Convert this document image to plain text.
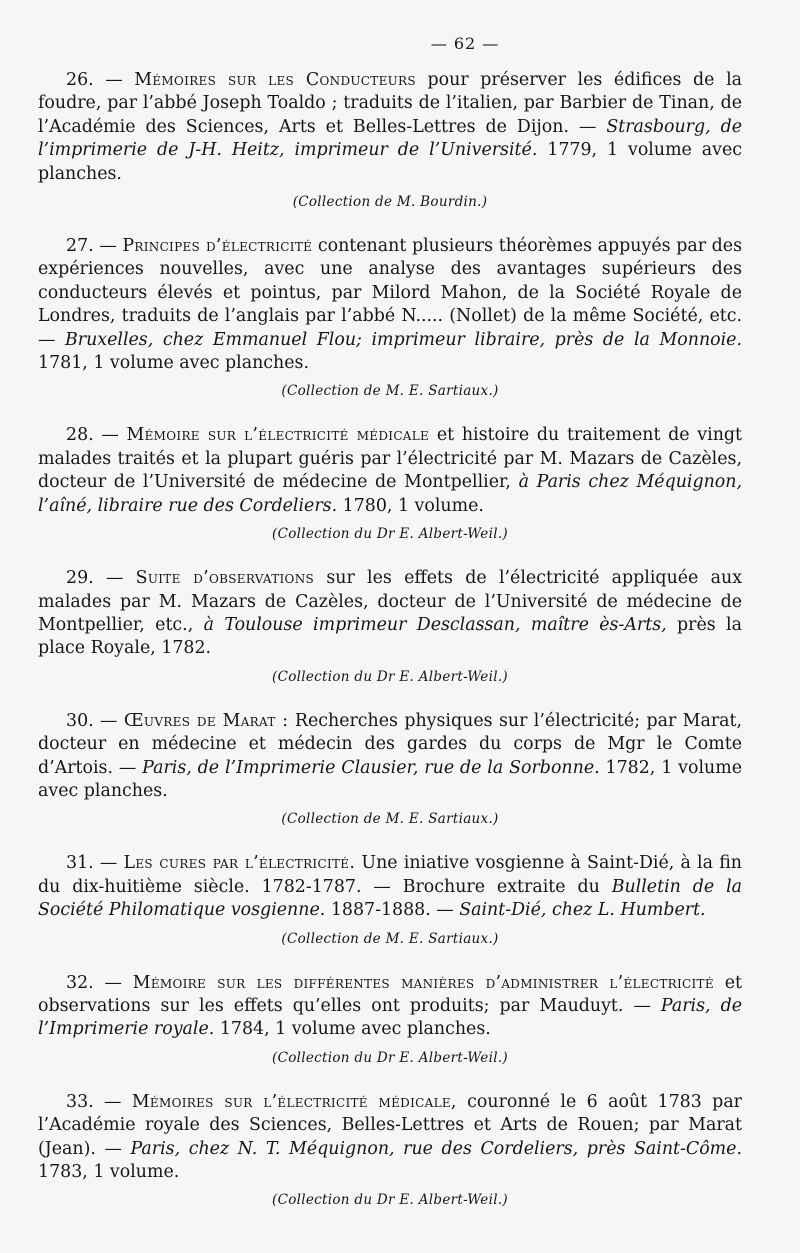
— 62 —

26. — Mémoires sur les Conducteurs pour préserver les édifices de la foudre, par l’abbé Joseph Toaldo ; traduits de l’italien, par Barbier de Tinan, de l’Académie des Sciences, Arts et Belles-Lettres de Dijon. — Strasbourg, de l’imprimerie de J-H. Heitz, imprimeur de l’Université. 1779, 1 volume avec planches.

(Collection de M. Bourdin.)

27. — Principes d’électricité contenant plusieurs théorèmes appuyés par des expériences nouvelles, avec une analyse des avantages supérieurs des conducteurs élevés et pointus, par Milord Mahon, de la Société Royale de Londres, traduits de l’anglais par l’abbé N..... (Nollet) de la même Société, etc. — Bruxelles, chez Emmanuel Flou; imprimeur libraire, près de la Monnoie. 1781, 1 volume avec planches.

(Collection de M. E. Sartiaux.)

28. — Mémoire sur l’électricité médicale et histoire du traitement de vingt malades traités et la plupart guéris par l’électricité par M. Mazars de Cazèles, docteur de l’Université de médecine de Montpellier, à Paris chez Méquignon, l’aîné, libraire rue des Cordeliers. 1780, 1 volume.

(Collection du Dr E. Albert-Weil.)

29. — Suite d’observations sur les effets de l’électricité appliquée aux malades par M. Mazars de Cazèles, docteur de l’Université de médecine de Montpellier, etc., à Toulouse imprimeur Desclassan, maître ès-Arts, près la place Royale, 1782.

(Collection du Dr E. Albert-Weil.)

30. — Œuvres de Marat : Recherches physiques sur l’électricité; par Marat, docteur en médecine et médecin des gardes du corps de Mgr le Comte d’Artois. — Paris, de l’Imprimerie Clausier, rue de la Sorbonne. 1782, 1 volume avec planches.

(Collection de M. E. Sartiaux.)

31. — Les cures par l’électricité. Une iniative vosgienne à Saint-Dié, à la fin du dix-huitième siècle. 1782-1787. — Brochure extraite du Bulletin de la Société Philomatique vosgienne. 1887-1888. — Saint-Dié, chez L. Humbert.

(Collection de M. E. Sartiaux.)

32. — Mémoire sur les différentes manières d’administrer l’électricité et observations sur les effets qu’elles ont produits; par Mauduyt. — Paris, de l’Imprimerie royale. 1784, 1 volume avec planches.

(Collection du Dr E. Albert-Weil.)

33. — Mémoires sur l’électricité médicale, couronné le 6 août 1783 par l’Académie royale des Sciences, Belles-Lettres et Arts de Rouen; par Marat (Jean). — Paris, chez N. T. Méquignon, rue des Cordeliers, près Saint-Côme. 1783, 1 volume.

(Collection du Dr E. Albert-Weil.)
